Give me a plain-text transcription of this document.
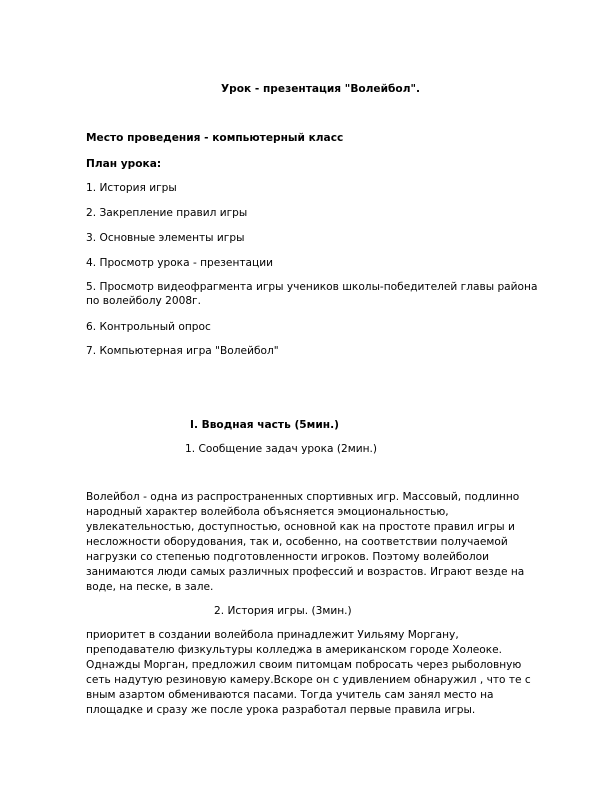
Урок - презентация "Волейбол".

Место проведения - компьютерный класс

План урока:

1. История игры

2. Закрепление правил игры

3. Основные элементы игры

4. Просмотр урока - презентации

5. Просмотр видеофрагмента игры учеников школы-победителей главы района

по волейболу 2008г.

6. Контрольный опрос

7. Компьютерная игра "Волейбол"

I. Вводная часть (5мин.)

1. Сообщение задач урока (2мин.)

Волейбол - одна из распространенных спортивных игр. Массовый, подлинно
народный характер волейбола объясняется эмоциональностью,
увлекательностью, доступностью, основной как на простоте правил игры и
несложности оборудования, так и, особенно, на соответствии получаемой
нагрузки со степенью подготовленности игроков. Поэтому волейболои
занимаются люди самых различных профессий и возрастов. Играют везде на
воде, на песке, в зале.

2. История игры. (3мин.)

приоритет в создании волейбола принадлежит Уильяму Моргану,
преподавателю физкультуры колледжа в американском городе Холеоке.
Однажды Морган, предложил своим питомцам побросать через рыболовную
сеть надутую резиновую камеру.Вскоре он с удивлением обнаружил , что те с
вным азартом обмениваются пасами. Тогда учитель сам занял место на
площадке и сразу же после урока разработал первые правила игры.
